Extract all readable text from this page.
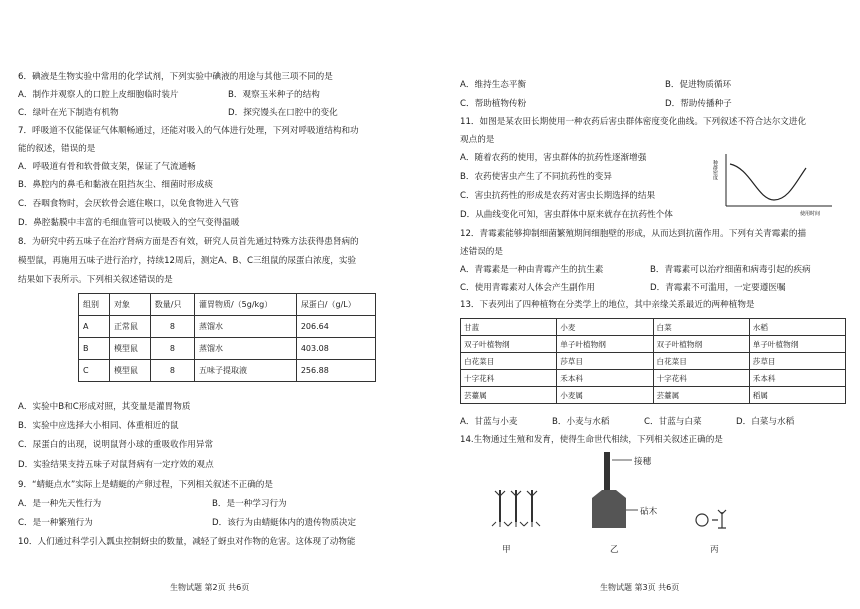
6．碘液是生物实验中常用的化学试剂，下列实验中碘液的用途与其他三项不同的是
A．制作并观察人的口腔上皮细胞临时装片	B．观察玉米种子的结构
C．绿叶在光下制造有机物	D．探究馒头在口腔中的变化
7．呼吸道不仅能保证气体顺畅通过，还能对吸入的气体进行处理，下列对呼吸道结构和功
能的叙述，错误的是
A．呼吸道有骨和软骨做支架，保证了气流通畅
B．鼻腔内的鼻毛和黏液在阻挡灰尘、细菌时形成痰
C．吞咽食物时，会厌软骨会遮住喉口，以免食物进入气管
D．鼻腔黏膜中丰富的毛细血管可以使吸入的空气变得温暖
8．为研究中药五味子在治疗肾病方面是否有效，研究人员首先通过特殊方法获得患肾病的
模型鼠，再施用五味子进行治疗，持续12周后，测定A、B、C三组鼠的尿蛋白浓度，实验
结果如下表所示。下列相关叙述错误的是
组别	对象	数量/只	灌胃物质/（5g/kg）	尿蛋白/（g/L）
A	正常鼠	8	蒸馏水	206.64
B	模型鼠	8	蒸馏水	403.08
C	模型鼠	8	五味子提取液	256.88
A．实验中B和C形成对照，其变量是灌胃物质
B．实验中应选择大小相同、体重相近的鼠
C．尿蛋白的出现，说明鼠肾小球的重吸收作用异常
D．实验结果支持五味子对鼠肾病有一定疗效的观点
9．“蜻蜓点水”实际上是蜻蜓的产卵过程，下列相关叙述不正确的是
A．是一种先天性行为	B．是一种学习行为
C．是一种繁殖行为	D．该行为由蜻蜓体内的遗传物质决定
10．人们通过科学引入瓢虫控制蚜虫的数量，减轻了蚜虫对作物的危害。这体现了动物能
生物试题 第2页 共6页
A．维持生态平衡	B．促进物质循环
C．帮助植物传粉	D．帮助传播种子
11．如图是某农田长期使用一种农药后害虫群体密度变化曲线。下列叙述不符合达尔文进化
观点的是
A．随着农药的使用，害虫群体的抗药性逐渐增强
B．农药使害虫产生了不同抗药性的变异
C．害虫抗药性的形成是农药对害虫长期选择的结果
D．从曲线变化可知，害虫群体中原来就存在抗药性个体
种群密度
使用时间
12．青霉素能够抑制细菌繁殖期间细胞壁的形成，从而达到抗菌作用。下列有关青霉素的描
述错误的是
A．青霉素是一种由青霉产生的抗生素	B．青霉素可以治疗细菌和病毒引起的疾病
C．使用青霉素对人体会产生副作用	D．青霉素不可滥用，一定要遵医嘱
13．下表列出了四种植物在分类学上的地位，其中亲缘关系最近的两种植物是
甘蓝	小麦	白菜	水稻
双子叶植物纲	单子叶植物纲	双子叶植物纲	单子叶植物纲
白花菜目	莎草目	白花菜目	莎草目
十字花科	禾本科	十字花科	禾本科
芸薹属	小麦属	芸薹属	稻属
A．甘蓝与小麦	B．小麦与水稻	C．甘蓝与白菜	D．白菜与水稻
14.生物通过生殖和发育，使得生命世代相续，下列相关叙述正确的是
接穗
砧木
甲	乙	丙
生物试题 第3页 共6页
